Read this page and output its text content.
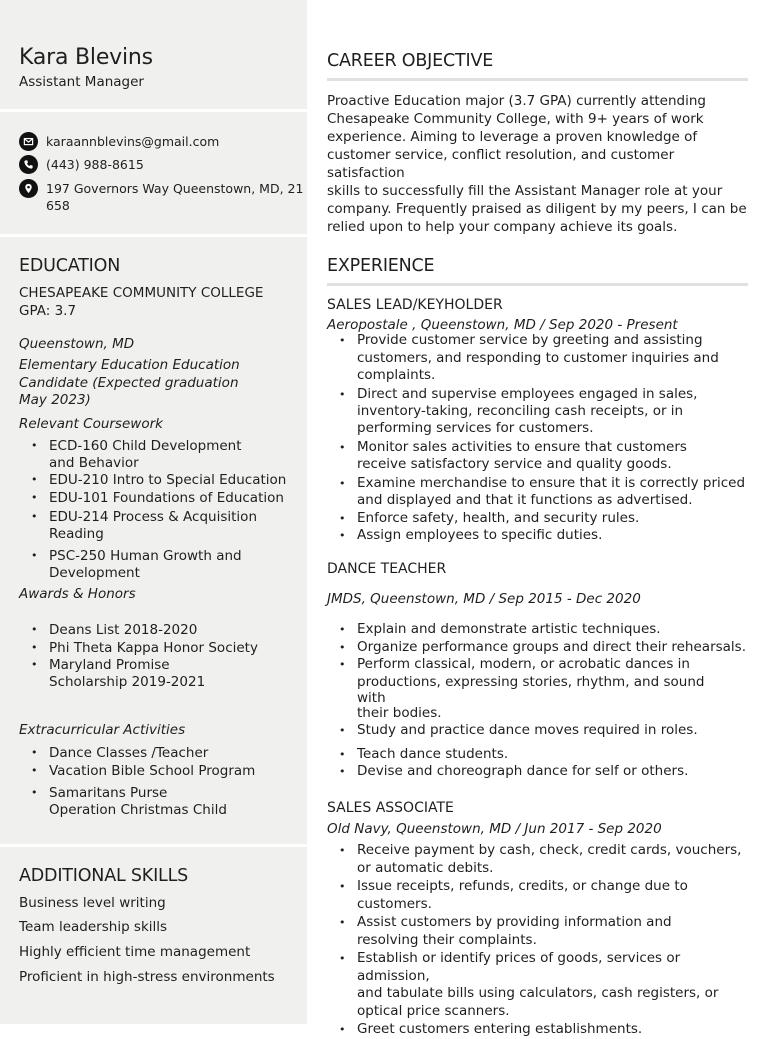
Kara Blevins
Assistant Manager
karaannblevins@gmail.com
(443) 988-8615
197 Governors Way Queenstown, MD, 21
658
EDUCATION
CHESAPEAKE COMMUNITY COLLEGE
GPA: 3.7
Queenstown, MD
Elementary Education Education
Candidate (Expected graduation
May 2023)
Relevant Coursework
• ECD-160 Child Development
and Behavior
• EDU-210 Intro to Special Education
• EDU-101 Foundations of Education
• EDU-214 Process & Acquisition
Reading
• PSC-250 Human Growth and
Development
Awards & Honors
• Deans List 2018-2020
• Phi Theta Kappa Honor Society
• Maryland Promise
Scholarship 2019-2021
Extracurricular Activities
• Dance Classes /Teacher
• Vacation Bible School Program
• Samaritans Purse
Operation Christmas Child
ADDITIONAL SKILLS
Business level writing
Team leadership skills
Highly efficient time management
Proficient in high-stress environments
CAREER OBJECTIVE
Proactive Education major (3.7 GPA) currently attending
Chesapeake Community College, with 9+ years of work
experience. Aiming to leverage a proven knowledge of
customer service, conflict resolution, and customer satisfaction
skills to successfully fill the Assistant Manager role at your
company. Frequently praised as diligent by my peers, I can be
relied upon to help your company achieve its goals.
EXPERIENCE
SALES LEAD/KEYHOLDER
Aeropostale , Queenstown, MD / Sep 2020 - Present
• Provide customer service by greeting and assisting
customers, and responding to customer inquiries and
complaints.
• Direct and supervise employees engaged in sales,
inventory-taking, reconciling cash receipts, or in
performing services for customers.
• Monitor sales activities to ensure that customers
receive satisfactory service and quality goods.
• Examine merchandise to ensure that it is correctly priced
and displayed and that it functions as advertised.
• Enforce safety, health, and security rules.
• Assign employees to specific duties.
DANCE TEACHER
JMDS, Queenstown, MD / Sep 2015 - Dec 2020
• Explain and demonstrate artistic techniques.
• Organize performance groups and direct their rehearsals.
• Perform classical, modern, or acrobatic dances in
productions, expressing stories, rhythm, and sound
with
their bodies.
• Study and practice dance moves required in roles.
• Teach dance students.
• Devise and choreograph dance for self or others.
SALES ASSOCIATE
Old Navy, Queenstown, MD / Jun 2017 - Sep 2020
• Receive payment by cash, check, credit cards, vouchers,
or automatic debits.
• Issue receipts, refunds, credits, or change due to
customers.
• Assist customers by providing information and
resolving their complaints.
• Establish or identify prices of goods, services or admission,
and tabulate bills using calculators, cash registers, or
optical price scanners.
• Greet customers entering establishments.
